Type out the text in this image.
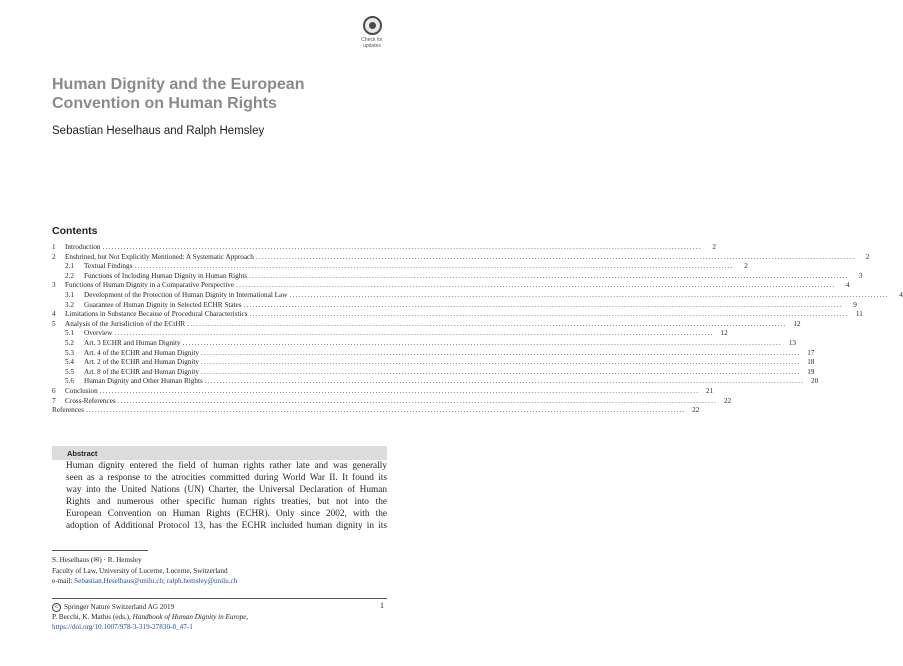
Check for
updates
Human Dignity and the European
Convention on Human Rights
Sebastian Heselhaus and Ralph Hemsley
Contents
1	Introduction ........................................................................................................................................................................................................	2
2	Enshrined, but Not Explicitly Mentioned: A Systematic Approach ........................................................................................................................................................................................................	2
2.1	Textual Findings ........................................................................................................................................................................................................	2
2.2	Functions of Including Human Dignity in Human Rights ........................................................................................................................................................................................................	3
3	Functions of Human Dignity in a Comparative Perspective ........................................................................................................................................................................................................	4
3.1	Development of the Protection of Human Dignity in International Law ........................................................................................................................................................................................................	4
3.2	Guarantee of Human Dignity in Selected ECHR States ........................................................................................................................................................................................................	9
4	Limitations in Substance Because of Procedural Characteristics ........................................................................................................................................................................................................ 11
5	Analysis of the Jurisdiction of the ECtHR ........................................................................................................................................................................................................ 12
5.1	Overview ........................................................................................................................................................................................................ 12
5.2	Art. 3 ECHR and Human Dignity ........................................................................................................................................................................................................ 13
5.3	Art. 4 of the ECHR and Human Dignity ........................................................................................................................................................................................................ 17
5.4	Art. 2 of the ECHR and Human Dignity ........................................................................................................................................................................................................ 18
5.5	Art. 8 of the ECHR and Human Dignity ........................................................................................................................................................................................................ 19
5.6	Human Dignity and Other Human Rights ........................................................................................................................................................................................................ 20
6	Conclusion ........................................................................................................................................................................................................ 21
7	Cross-References ........................................................................................................................................................................................................ 22
References ........................................................................................................................................................................................................ 22
Abstract
Human dignity entered the field of human rights rather late and was generally
seen as a response to the atrocities committed during World War II. It found its
way into the United Nations (UN) Charter, the Universal Declaration of Human
Rights and numerous other specific human rights treaties, but not into the
European Convention on Human Rights (ECHR). Only since 2002, with the
adoption of Additional Protocol 13, has the ECHR included human dignity in its
S. Heselhaus (✉) · R. Hemsley
Faculty of Law, University of Lucerne, Lucerne, Switzerland
e-mail: Sebastian.Heselhaus@unilu.ch; ralph.hemsley@unilu.ch
c Springer Nature Switzerland AG 2019
P. Becchi, K. Mathis (eds.), Handbook of Human Dignity in Europe,
https://doi.org/10.1007/978-3-319-27830-8_47-1
1
